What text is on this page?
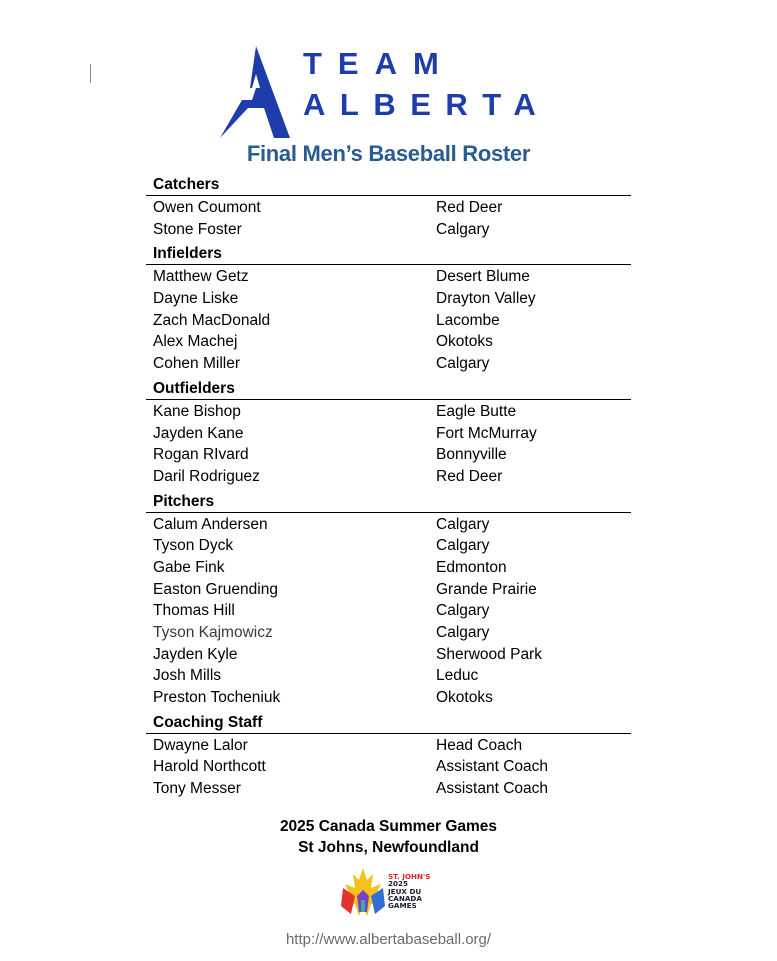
TEAM
ALBERTA
Final Men’s Baseball Roster
Catchers
Owen Coumont	Red Deer
Stone Foster	Calgary
Infielders
Matthew Getz	Desert Blume
Dayne Liske	Drayton Valley
Zach MacDonald	Lacombe
Alex Machej	Okotoks
Cohen Miller	Calgary
Outfielders
Kane Bishop	Eagle Butte
Jayden Kane	Fort McMurray
Rogan RIvard	Bonnyville
Daril Rodriguez	Red Deer
Pitchers
Calum Andersen	Calgary
Tyson Dyck	Calgary
Gabe Fink	Edmonton
Easton Gruending	Grande Prairie
Thomas Hill	Calgary
Tyson Kajmowicz	Calgary
Jayden Kyle	Sherwood Park
Josh Mills	Leduc
Preston Tocheniuk	Okotoks
Coaching Staff
Dwayne Lalor	Head Coach
Harold Northcott	Assistant Coach
Tony Messer	Assistant Coach
2025 Canada Summer Games
St Johns, Newfoundland
ST. JOHN'S
2025
JEUX DU
CANADA
GAMES
http://www.albertabaseball.org/
